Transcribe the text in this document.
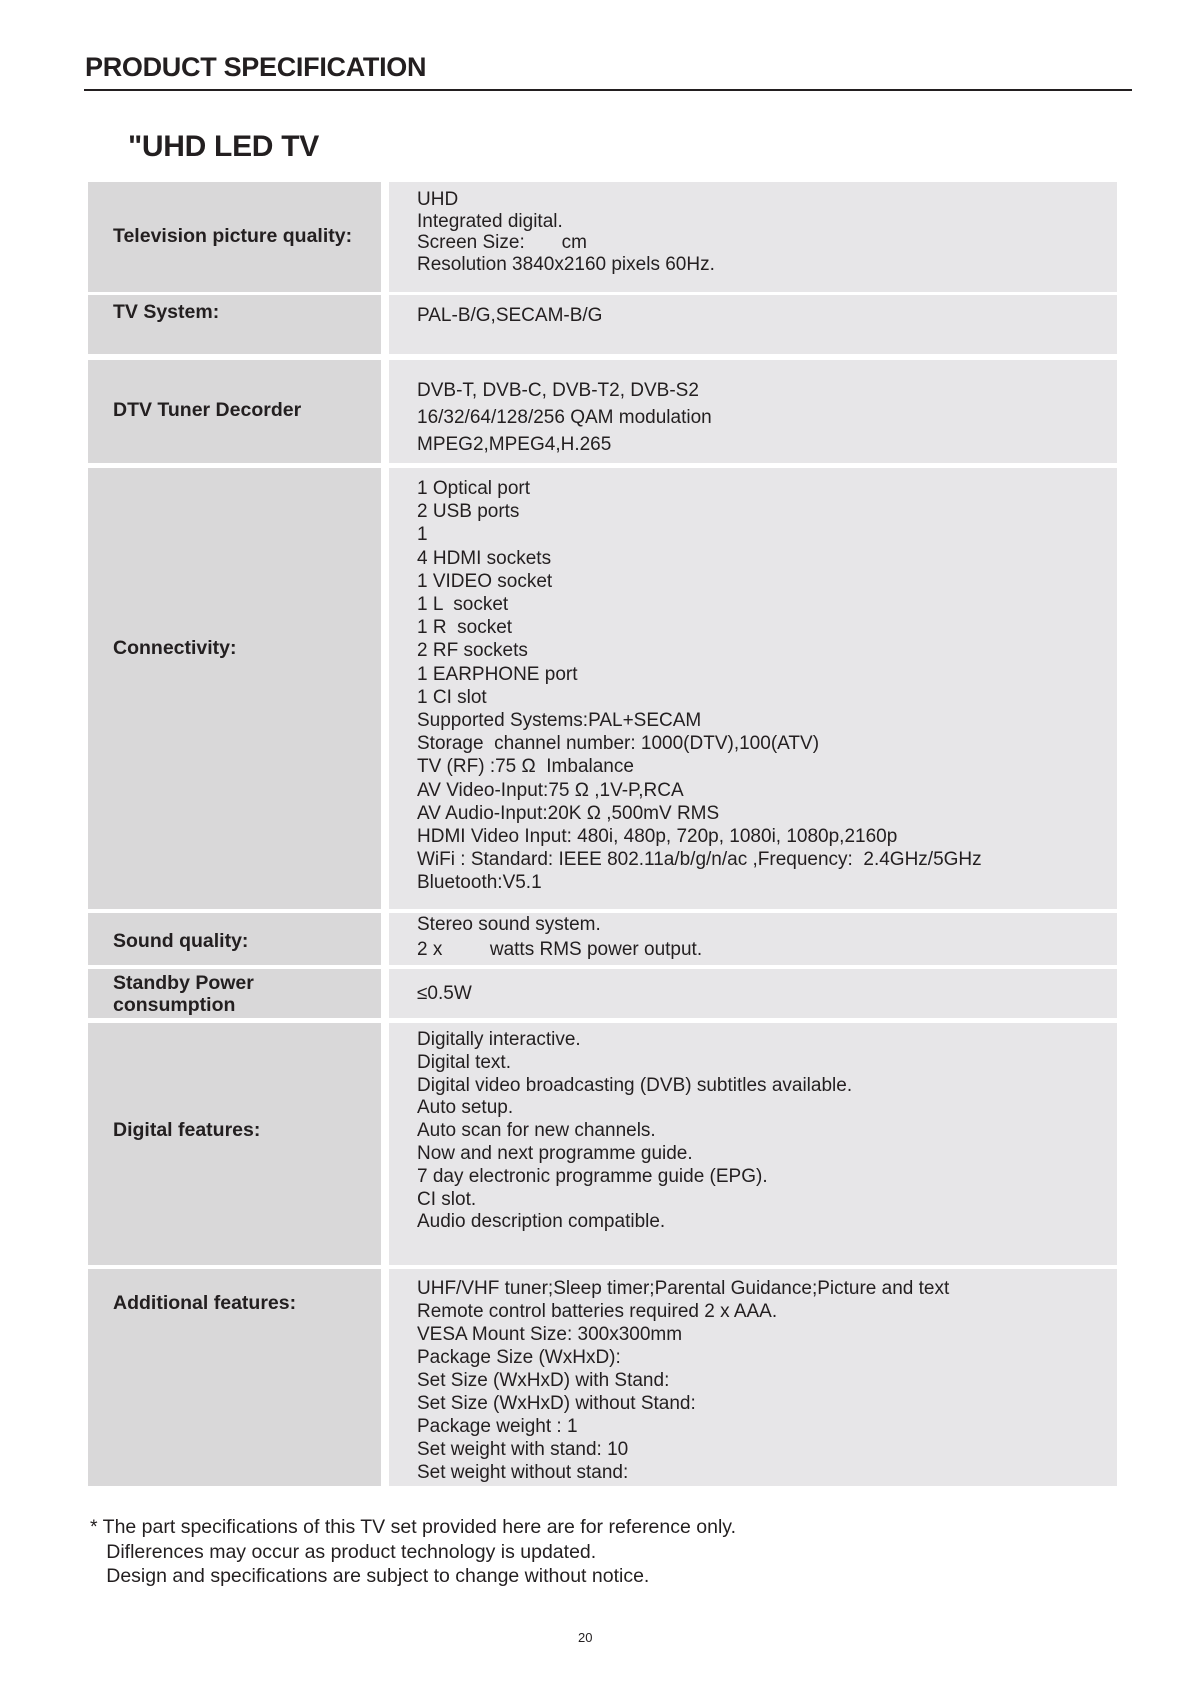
PRODUCT SPECIFICATION
"UHD LED TV
Television picture quality:
UHD
Integrated digital.
Screen Size:       cm
Resolution 3840x2160 pixels 60Hz.
TV System:	PAL-B/G,SECAM-B/G
DTV Tuner Decorder
DVB-T, DVB-C, DVB-T2, DVB-S2
16/32/64/128/256 QAM modulation
MPEG2,MPEG4,H.265
Connectivity:
1 Optical port
2 USB ports
1
4 HDMI sockets
1 VIDEO socket
1 L  socket
1 R  socket
2 RF sockets
1 EARPHONE port
1 CI slot
Supported Systems:PAL+SECAM
Storage  channel number: 1000(DTV),100(ATV)
TV (RF) :75 Ω  Imbalance
AV Video-Input:75 Ω ,1V-P,RCA
AV Audio-Input:20K Ω ,500mV RMS
HDMI Video Input: 480i, 480p, 720p, 1080i, 1080p,2160p
WiFi : Standard: IEEE 802.11a/b/g/n/ac ,Frequency:  2.4GHz/5GHz
Bluetooth:V5.1
Sound quality:
Stereo sound system.
2 x         watts RMS power output.
Standby Power
consumption
≤0.5W
Digital features:
Digitally interactive.
Digital text.
Digital video broadcasting (DVB) subtitles available.
Auto setup.
Auto scan for new channels.
Now and next programme guide.
7 day electronic programme guide (EPG).
CI slot.
Audio description compatible.
Additional features:
UHF/VHF tuner;Sleep timer;Parental Guidance;Picture and text
Remote control batteries required 2 x AAA.
VESA Mount Size: 300x300mm
Package Size (WxHxD):
Set Size (WxHxD) with Stand:
Set Size (WxHxD) without Stand:
Package weight : 1
Set weight with stand: 10
Set weight without stand:
* The part specifications of this TV set provided here are for reference only.
Diflerences may occur as product technology is updated.
Design and specifications are subject to change without notice.
20
